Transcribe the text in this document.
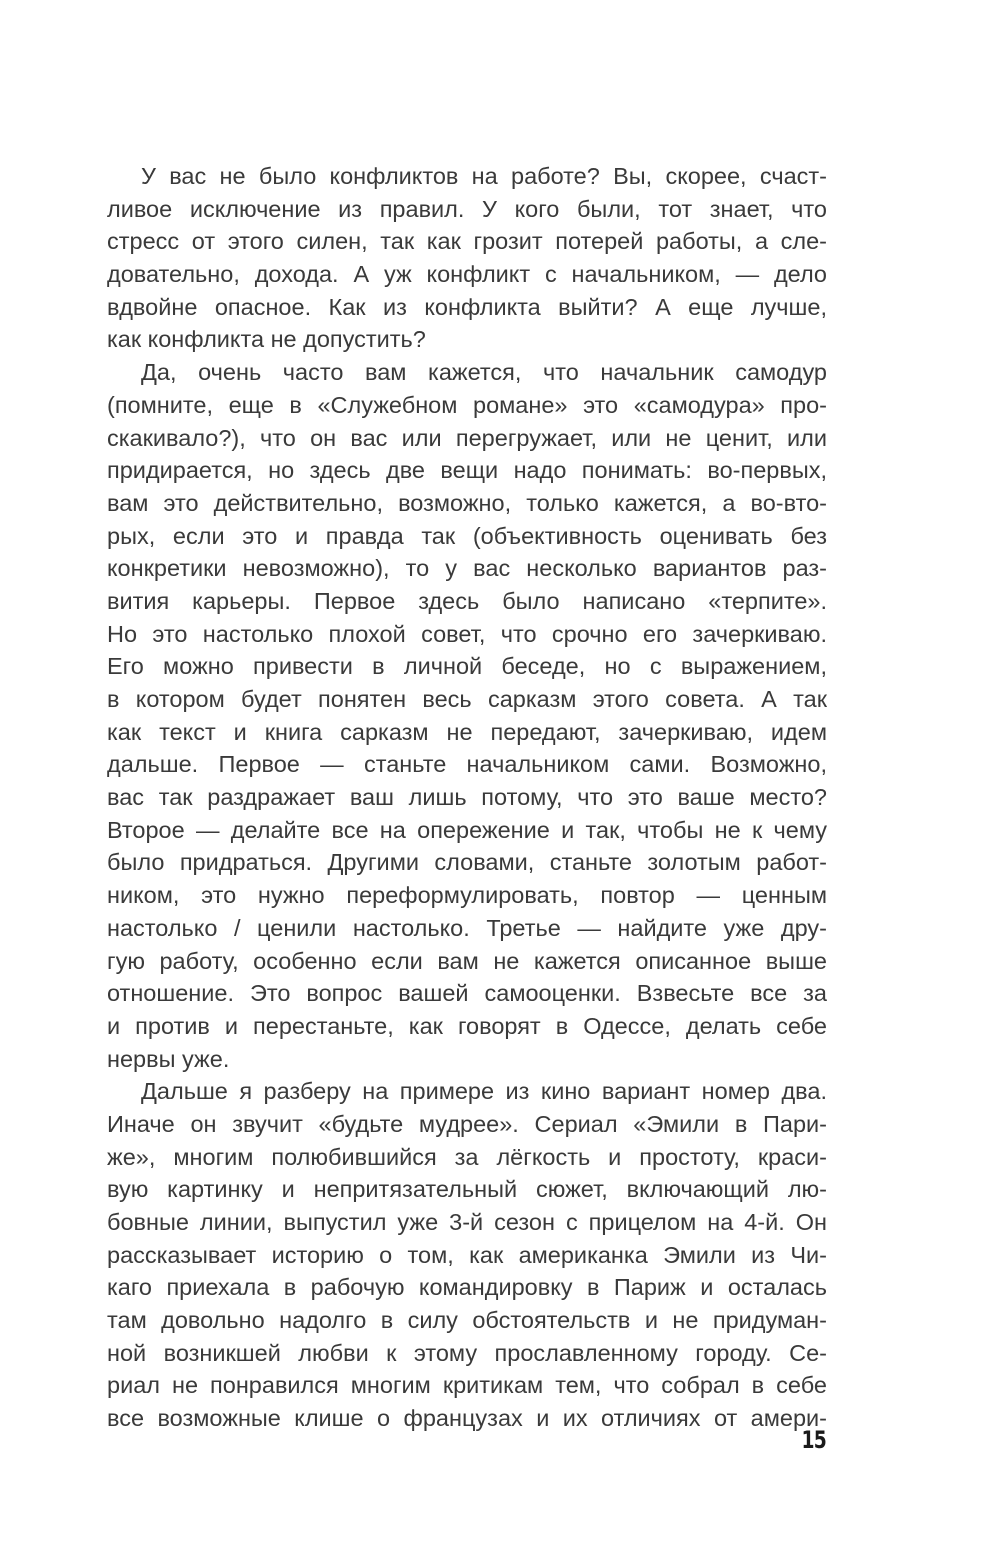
У вас не было конфликтов на работе? Вы, скорее, счаст-
ливое исключение из правил. У кого были, тот знает, что
стресс от этого силен, так как грозит потерей работы, а сле-
довательно, дохода. А уж конфликт с начальником, — дело
вдвойне опасное. Как из конфликта выйти? А еще лучше,
как конфликта не допустить?
Да, очень часто вам кажется, что начальник самодур
(помните, еще в «Служебном романе» это «самодура» про-
скакивало?), что он вас или перегружает, или не ценит, или
придирается, но здесь две вещи надо понимать: во-первых,
вам это действительно, возможно, только кажется, а во-вто-
рых, если это и правда так (объективность оценивать без
конкретики невозможно), то у вас несколько вариантов раз-
вития карьеры. Первое здесь было написано «терпите».
Но это настолько плохой совет, что срочно его зачеркиваю.
Его можно привести в личной беседе, но с выражением,
в котором будет понятен весь сарказм этого совета. А так
как текст и книга сарказм не передают, зачеркиваю, идем
дальше. Первое — станьте начальником сами. Возможно,
вас так раздражает ваш лишь потому, что это ваше место?
Второе — делайте все на опережение и так, чтобы не к чему
было придраться. Другими словами, станьте золотым работ-
ником, это нужно переформулировать, повтор — ценным
настолько / ценили настолько. Третье — найдите уже дру-
гую работу, особенно если вам не кажется описанное выше
отношение. Это вопрос вашей самооценки. Взвесьте все за
и против и перестаньте, как говорят в Одессе, делать себе
нервы уже.
Дальше я разберу на примере из кино вариант номер два.
Иначе он звучит «будьте мудрее». Сериал «Эмили в Пари-
же», многим полюбившийся за лёгкость и простоту, краси-
вую картинку и непритязательный сюжет, включающий лю-
бовные линии, выпустил уже 3-й сезон с прицелом на 4-й. Он
рассказывает историю о том, как американка Эмили из Чи-
каго приехала в рабочую командировку в Париж и осталась
там довольно надолго в силу обстоятельств и не придуман-
ной возникшей любви к этому прославленному городу. Се-
риал не понравился многим критикам тем, что собрал в себе
все возможные клише о французах и их отличиях от амери-
15
